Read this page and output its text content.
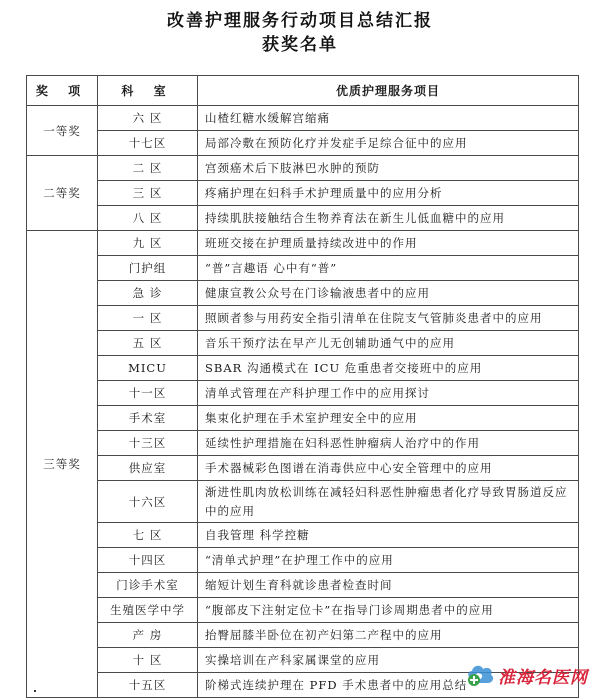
改善护理服务行动项目总结汇报
获奖名单
奖 项	科 室	优质护理服务项目
一等奖	六 区	山楂红糖水缓解宫缩痛
	十七区	局部冷敷在预防化疗并发症手足综合征中的应用
二等奖	二 区	宫颈癌术后下肢淋巴水肿的预防
	三 区	疼痛护理在妇科手术护理质量中的应用分析
	八 区	持续肌肤接触结合生物养育法在新生儿低血糖中的应用
三等奖	九 区	班班交接在护理质量持续改进中的作用
	门护组	“普”言趣语 心中有“普”
	急 诊	健康宣教公众号在门诊输液患者中的应用
	一 区	照顾者参与用药安全指引清单在住院支气管肺炎患者中的应用
	五 区	音乐干预疗法在早产儿无创辅助通气中的应用
	MICU	SBAR 沟通模式在 ICU 危重患者交接班中的应用
	十一区	清单式管理在产科护理工作中的应用探讨
	手术室	集束化护理在手术室护理安全中的应用
	十三区	延续性护理措施在妇科恶性肿瘤病人治疗中的作用
	供应室	手术器械彩色图谱在消毒供应中心安全管理中的应用
	十六区	渐进性肌肉放松训练在减轻妇科恶性肿瘤患者化疗导致胃肠道反应中的应用
	七 区	自我管理 科学控糖
	十四区	“清单式护理”在护理工作中的应用
	门诊手术室	缩短计划生育科就诊患者检查时间
	生殖医学中学	“腹部皮下注射定位卡”在指导门诊周期患者中的应用
	产 房	抬臀屈膝半卧位在初产妇第二产程中的应用
	十 区	实操培训在产科家属课堂的应用
	十五区	阶梯式连续护理在 PFD 手术患者中的应用总结 淮海名医网
